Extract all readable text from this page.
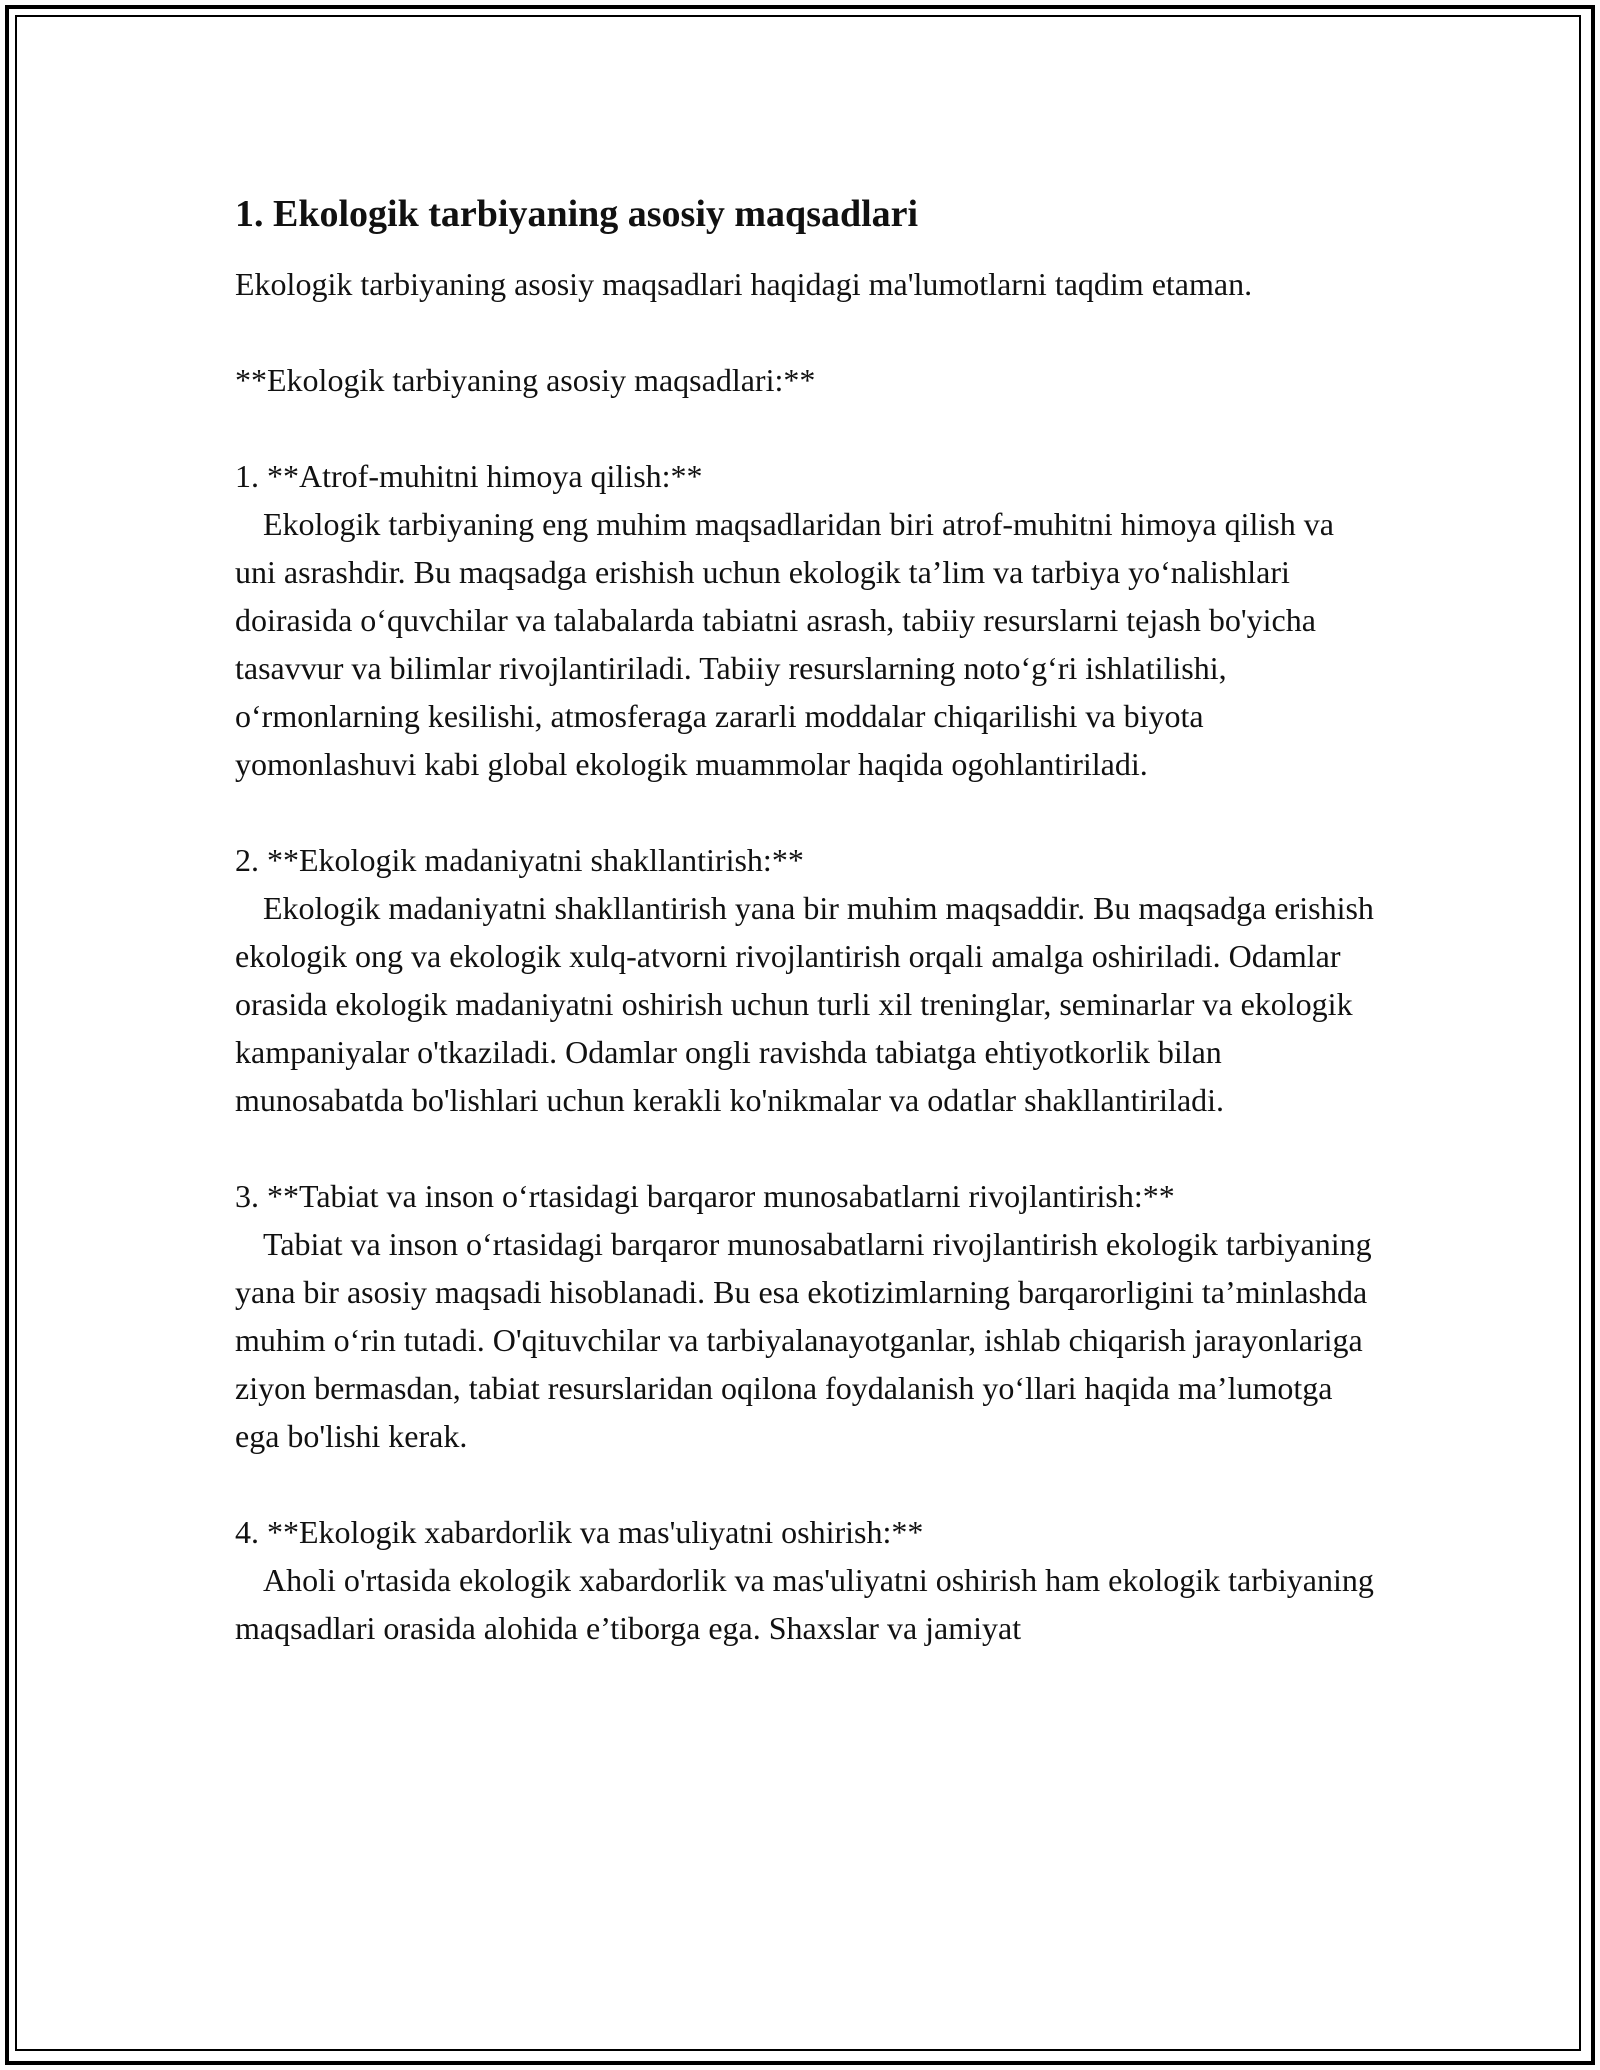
1. Ekologik tarbiyaning asosiy maqsadlari

Ekologik tarbiyaning asosiy maqsadlari haqidagi ma'lumotlarni taqdim etaman.

**Ekologik tarbiyaning asosiy maqsadlari:**

1. **Atrof-muhitni himoya qilish:**

Ekologik tarbiyaning eng muhim maqsadlaridan biri atrof-muhitni himoya qilish va uni asrashdir. Bu maqsadga erishish uchun ekologik ta’lim va tarbiya yo‘nalishlari doirasida o‘quvchilar va talabalarda tabiatni asrash, tabiiy resurslarni tejash bo'yicha tasavvur va bilimlar rivojlantiriladi. Tabiiy resurslarning noto‘g‘ri ishlatilishi, o‘rmonlarning kesilishi, atmosferaga zararli moddalar chiqarilishi va biyota yomonlashuvi kabi global ekologik muammolar haqida ogohlantiriladi.

2. **Ekologik madaniyatni shakllantirish:**

Ekologik madaniyatni shakllantirish yana bir muhim maqsaddir. Bu maqsadga erishish ekologik ong va ekologik xulq-atvorni rivojlantirish orqali amalga oshiriladi. Odamlar orasida ekologik madaniyatni oshirish uchun turli xil treninglar, seminarlar va ekologik kampaniyalar o'tkaziladi. Odamlar ongli ravishda tabiatga ehtiyotkorlik bilan munosabatda bo'lishlari uchun kerakli ko'nikmalar va odatlar shakllantiriladi.

3. **Tabiat va inson o‘rtasidagi barqaror munosabatlarni rivojlantirish:**

Tabiat va inson o‘rtasidagi barqaror munosabatlarni rivojlantirish ekologik tarbiyaning yana bir asosiy maqsadi hisoblanadi. Bu esa ekotizimlarning barqarorligini ta’minlashda muhim o‘rin tutadi. O'qituvchilar va tarbiyalanayotganlar, ishlab chiqarish jarayonlariga ziyon bermasdan, tabiat resurslaridan oqilona foydalanish yo‘llari haqida ma’lumotga ega bo'lishi kerak.

4. **Ekologik xabardorlik va mas'uliyatni oshirish:**

Aholi o'rtasida ekologik xabardorlik va mas'uliyatni oshirish ham ekologik tarbiyaning maqsadlari orasida alohida e’tiborga ega. Shaxslar va jamiyat
